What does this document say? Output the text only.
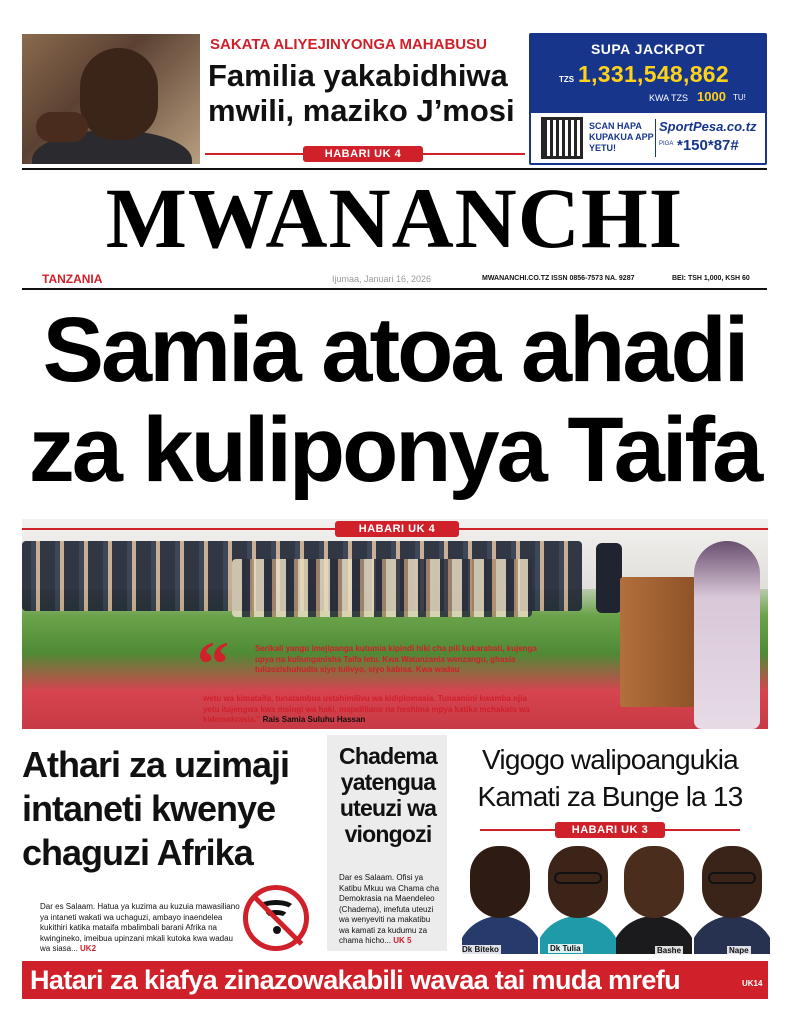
SAKATA ALIYEJINYONGA MAHABUSU
Familia yakabidhiwa
mwili, maziko J’mosi
HABARI UK 4
SUPA JACKPOT
TZS 1,331,548,862
KWA TZS 1000 TU!
SCAN HAPA KUPAKUA APP YETU!
SportPesa.co.tz
PIGA *150*87#
MWANANCHI
TANZANIA	Ijumaa, Januari 16, 2026	MWANANCHI.CO.TZ ISSN 0856-7573 NA. 9287	BEI: TSH 1,000, KSH 60
Samia atoa ahadi
za kuliponya Taifa
HABARI UK 4
“	Serikali yangu imejipanga kutumia kipindi hiki cha pili kukarabati, kujenga upya na kuliunganisha Taifa letu. Kwa Watanzania wenzangu, ghasia tulizozishuhudia siyo tulivyo, siyo kabisa. Kwa wadau
wetu wa kimataifa, tunatambua ustahimilivu wa kidiplomasia. Tunaamini kwamba njia yetu itajengwa kwa msingi wa haki, majadiliano na heshima mpya katika mchakato wa kidemokrasia.” Rais Samia Suluhu Hassan
Athari za uzimaji intaneti kwenye chaguzi Afrika
Dar es Salaam. Hatua ya kuzima au kuzuia mawasiliano ya intaneti wakati wa uchaguzi, ambayo inaendelea kukithiri katika mataifa mbalimbali barani Afrika na kwingineko, imeibua upinzani mkali kutoka kwa wadau wa siasa... UK2
Chadema yatengua uteuzi wa viongozi
Dar es Salaam. Ofisi ya Katibu Mkuu wa Chama cha Demokrasia na Maendeleo (Chadema), imefuta uteuzi wa wenyeviti na makatibu wa kamati za kudumu za chama hicho... UK 5
Vigogo walipoangukia
Kamati za Bunge la 13
HABARI UK 3
Dk Biteko	Dk Tulia	Bashe	Nape
Hatari za kiafya zinazowakabili wavaa tai muda mrefu	UK14
